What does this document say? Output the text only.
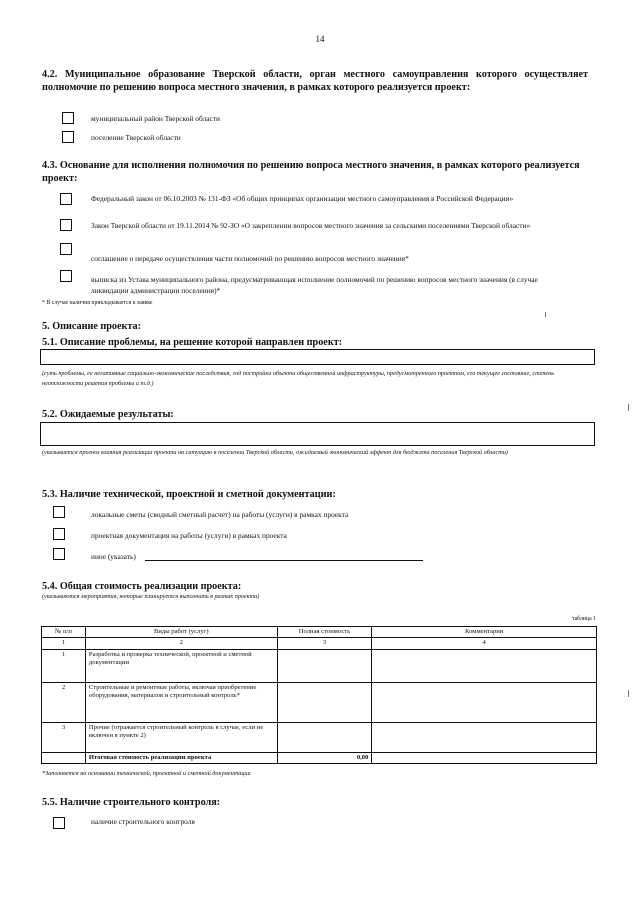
14
4.2. Муниципальное образование Тверской области, орган местного самоуправления которого осуществляет полномочие по решению вопроса местного значения, в рамках которого реализуется проект:
муниципальный район Тверской области
поселение Тверской области
4.3. Основание для исполнения полномочия по решению вопроса местного значения, в рамках которого реализуется проект:
Федеральный закон от 06.10.2003 № 131-ФЗ «Об общих принципах организации местного самоуправления в Российской Федерации»
Закон Тверской области от 19.11.2014 № 92-ЗО «О закреплении вопросов местного значения за сельскими поселениями Тверской области»
соглашение о передаче осуществления части полномочий по решению вопросов местного значения*
выписка из Устава муниципального района, предусматривающая исполнение полномочий по решению вопросов местного значения (в случае ликвидации администрации поселения)*
* В случае наличия прикладывается к заявке
5. Описание проекта:
5.1. Описание проблемы, на решение которой направлен проект:
(суть проблемы, ее негативные социально-экономические последствия, год постройки объекта общественной инфраструктуры, предусмотренного проектом, его текущее состояние, степень неотложности решения проблемы и т.д.)
5.2. Ожидаемые результаты:
(указывается прогноз влияния реализации проекта на ситуацию в поселении Тверской области, ожидаемый экономический эффект для бюджета поселения Тверской области)
5.3. Наличие технической, проектной и сметной документации:
локальные сметы (сводный сметный расчет) на работы (услуги) в рамках проекта
проектная документация на работы (услуги) в рамках проекта
иное (указать)
5.4. Общая стоимость реализации проекта:
(указываются мероприятия, которые планируется выполнить в рамках проекта)
таблица 1
№ п/п	Виды работ (услуг)	Полная стоимость	Комментарии
1	2	3	4
1	Разработка и проверка технической, проектной и сметной документации		
2	Строительные и ремонтные работы, включая приобретение оборудования, материалов и строительный контроль*		
3	Прочие (отражается строительный контроль в случае, если не включен в пункте 2)		
	Итоговая стоимость реализации проекта	0,00	
*Заполняется на основании технической, проектной и сметной документации
5.5. Наличие строительного контроля:
наличие строительного контроля
